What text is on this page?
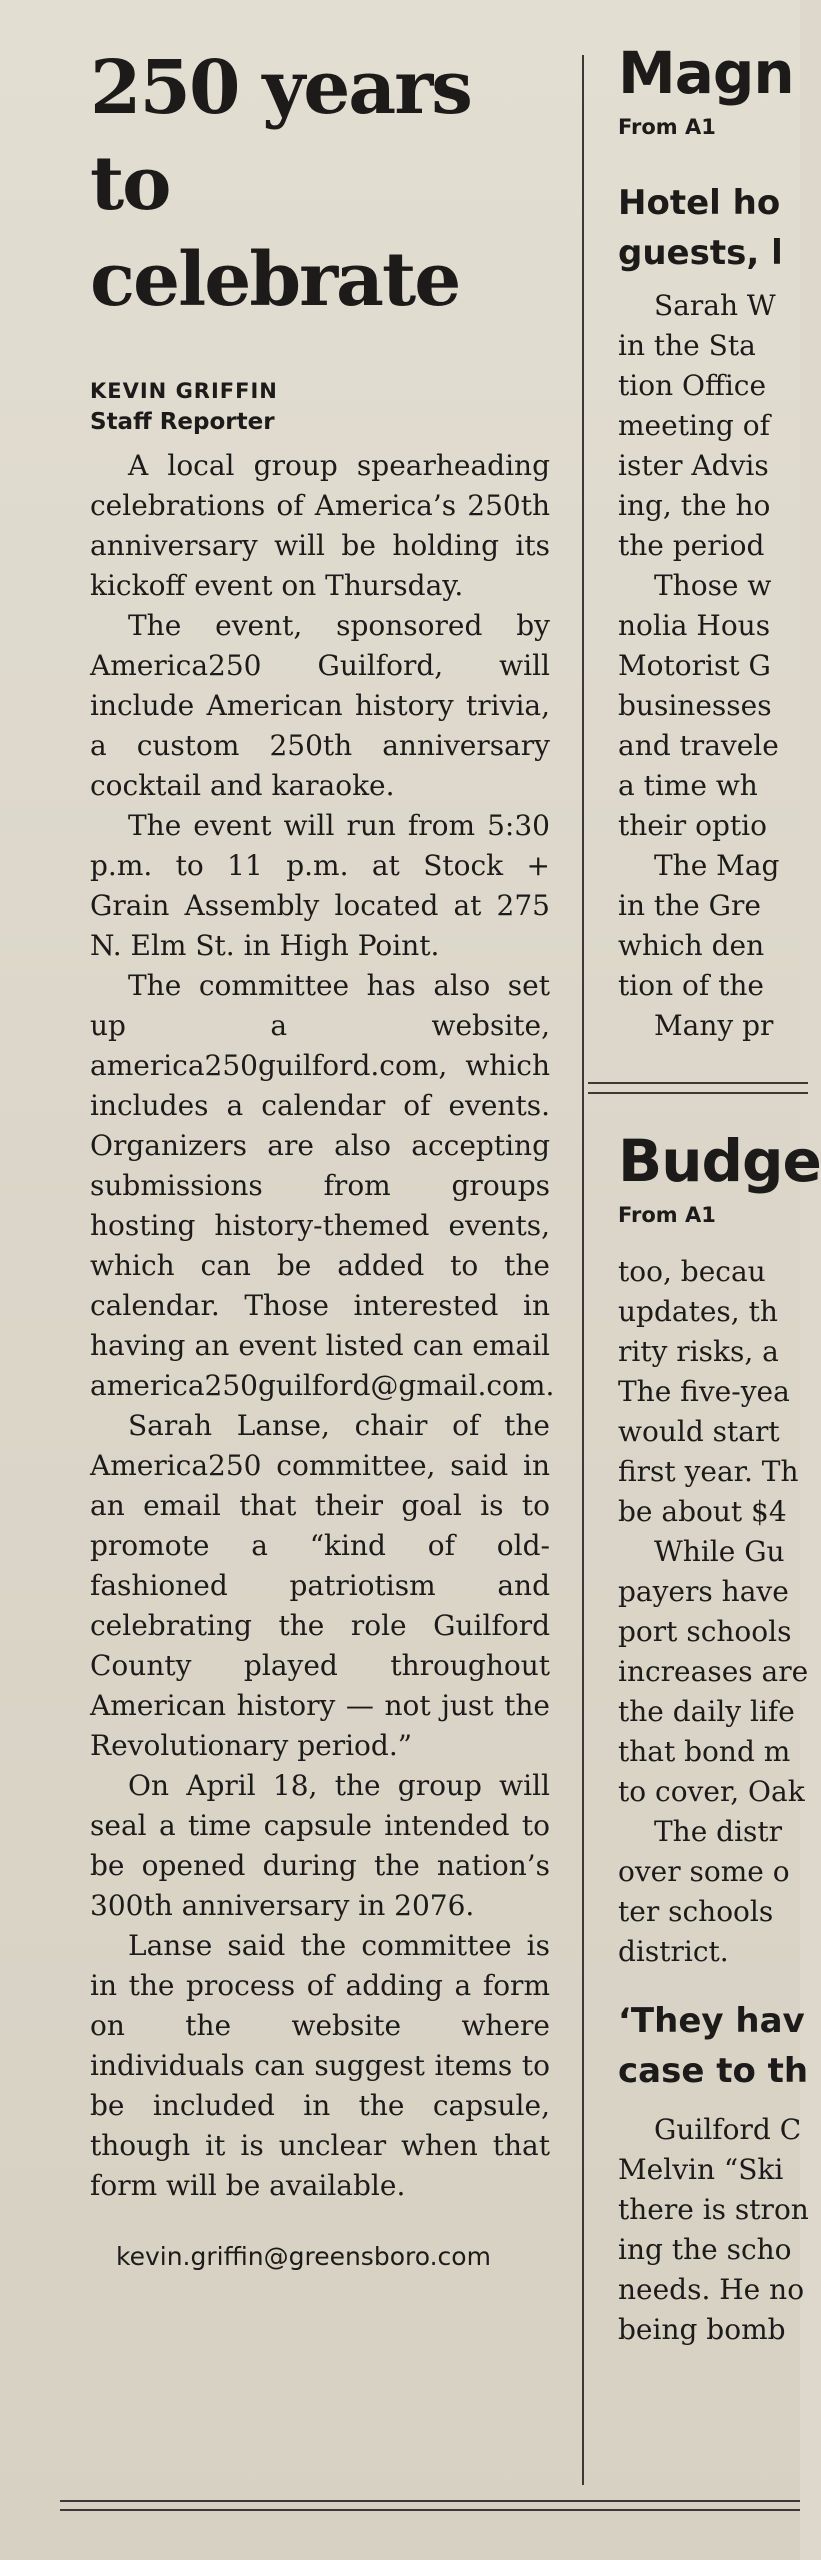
250 years
to celebrate
KEVIN GRIFFIN
Staff Reporter

A local group spearheading celebrations of America’s 250th anniversary will be holding its kickoff event on Thursday.

The event, sponsored by America250 Guilford, will include American history trivia, a custom 250th anniversary cocktail and karaoke.

The event will run from 5:30 p.m. to 11 p.m. at Stock + Grain Assembly located at 275 N. Elm St. in High Point.

The committee has also set up a website, america250guilford.com, which includes a calendar of events. Organizers are also accepting submissions from groups hosting history-themed events, which can be added to the calendar. Those interested in having an event listed can email america250guilford@gmail.com.

Sarah Lanse, chair of the America250 committee, said in an email that their goal is to promote a “kind of old-fashioned patriotism and celebrating the role Guilford County played throughout American history — not just the Revolutionary period.”

On April 18, the group will seal a time capsule intended to be opened during the nation’s 300th anniversary in 2076.

Lanse said the committee is in the process of adding a form on the website where individuals can suggest items to be included in the capsule, though it is unclear when that form will be available.

kevin.griffin@greensboro.com
Magn
From A1
Hotel ho
guests, l
Sarah W
in the Sta
tion Office
meeting of
ister Advis
ing, the ho
the period
Those w
nolia Hous
Motorist G
businesses
and travele
a time wh
their optio
The Mag
in the Gre
which den
tion of the
Many pr
Budge
From A1
too, becau
updates, th
rity risks, a
The five-yea
would start
first year. Th
be about $4
While Gu
payers have
port schools
increases are
the daily life
that bond m
to cover, Oak
The distr
over some o
ter schools
district.
‘They hav
case to th
Guilford C
Melvin “Ski
there is stron
ing the scho
needs. He no
being bomb
